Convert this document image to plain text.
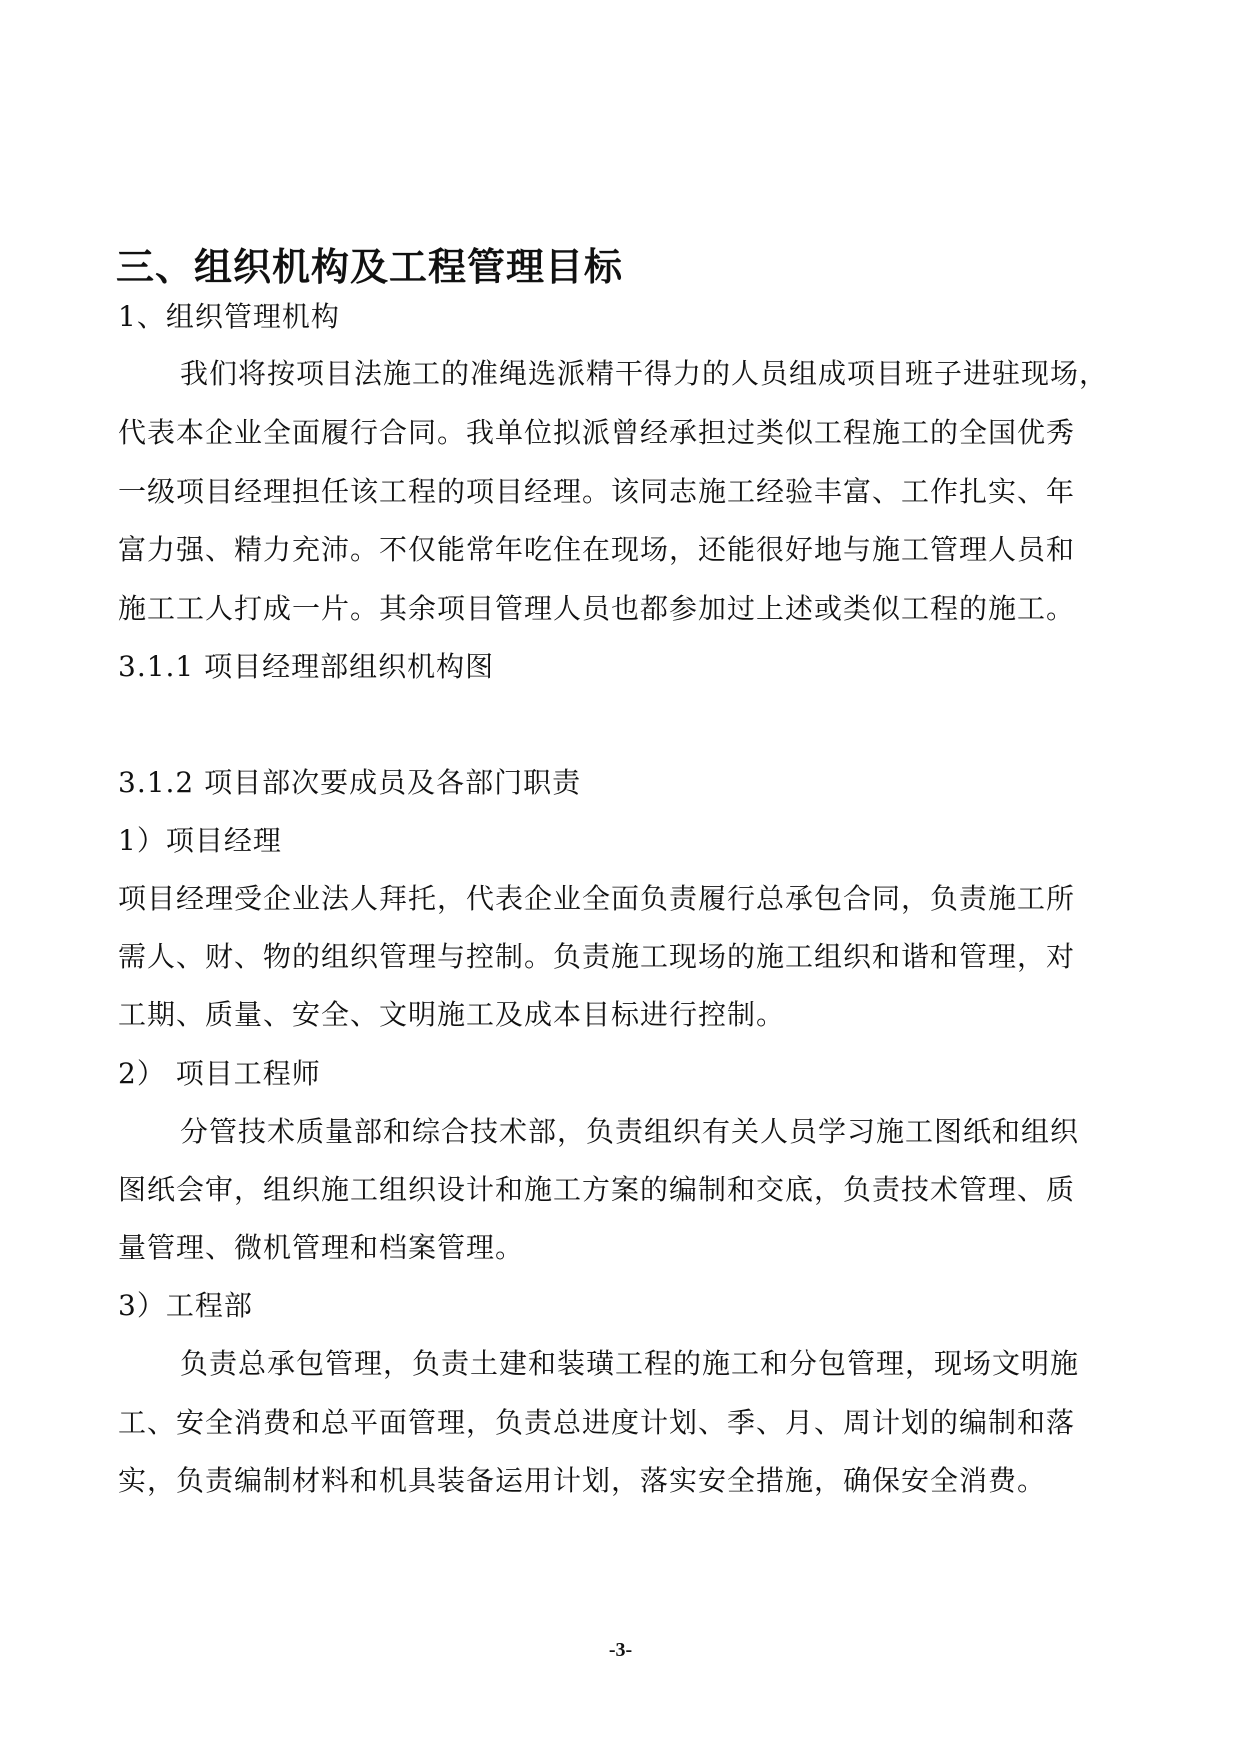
三、组织机构及工程管理目标
1、组织管理机构
我们将按项目法施工的准绳选派精干得力的人员组成项目班子进驻现场，
代表本企业全面履行合同。我单位拟派曾经承担过类似工程施工的全国优秀
一级项目经理担任该工程的项目经理。该同志施工经验丰富、工作扎实、年
富力强、精力充沛。不仅能常年吃住在现场，还能很好地与施工管理人员和
施工工人打成一片。其余项目管理人员也都参加过上述或类似工程的施工。
3.1.1 项目经理部组织机构图
3.1.2 项目部次要成员及各部门职责
1）项目经理
项目经理受企业法人拜托，代表企业全面负责履行总承包合同，负责施工所
需人、财、物的组织管理与控制。负责施工现场的施工组织和谐和管理，对
工期、质量、安全、文明施工及成本目标进行控制。
2） 项目工程师
分管技术质量部和综合技术部，负责组织有关人员学习施工图纸和组织
图纸会审，组织施工组织设计和施工方案的编制和交底，负责技术管理、质
量管理、微机管理和档案管理。
3）工程部
负责总承包管理，负责土建和装璜工程的施工和分包管理，现场文明施
工、安全消费和总平面管理，负责总进度计划、季、月、周计划的编制和落
实，负责编制材料和机具装备运用计划，落实安全措施，确保安全消费。
-3-
